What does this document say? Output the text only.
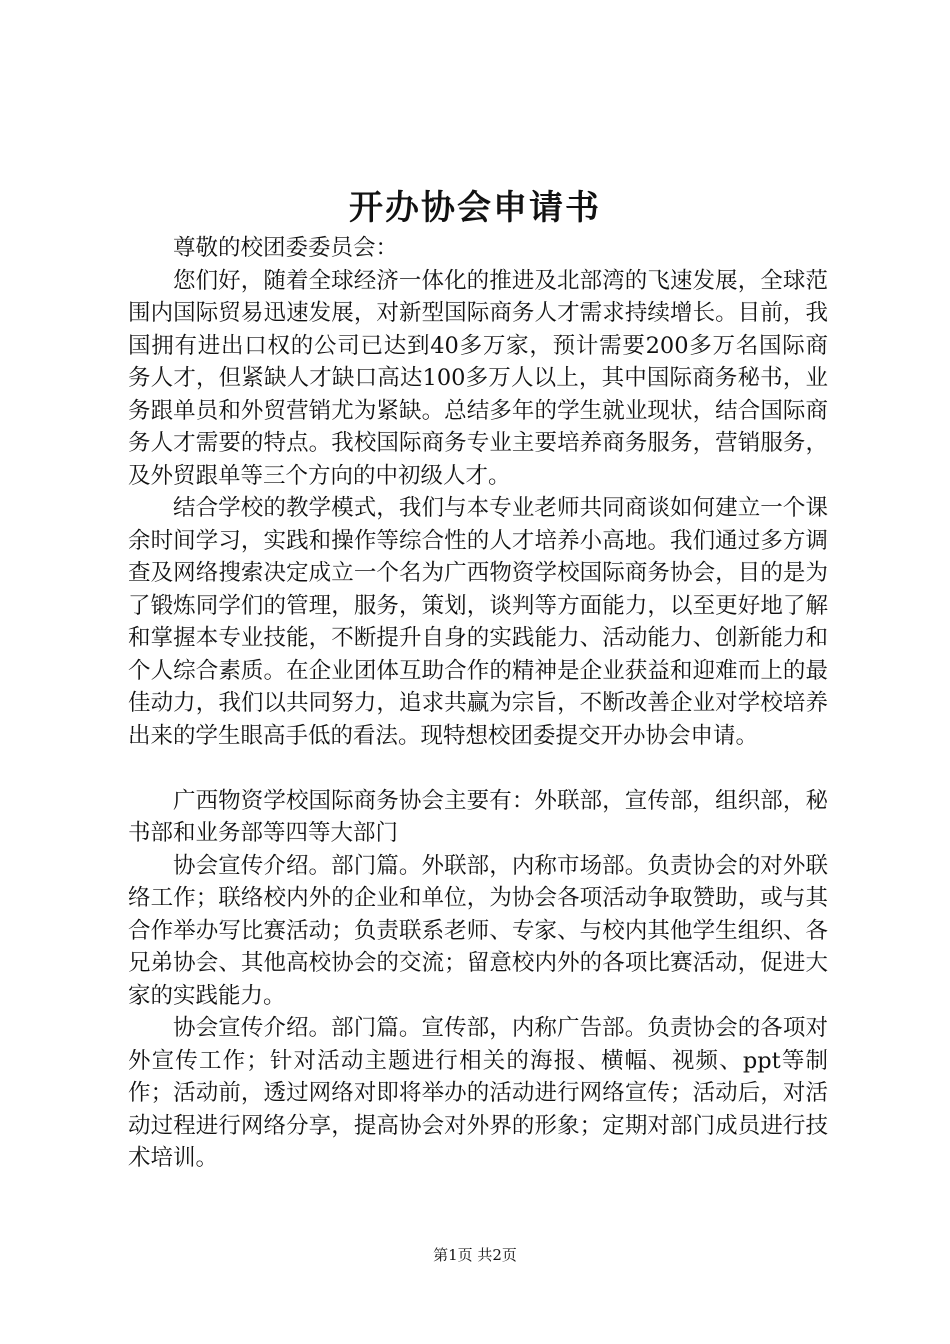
开办协会申请书

尊敬的校团委委员会：

您们好，随着全球经济一体化的推进及北部湾的飞速发展，全球范围内国际贸易迅速发展，对新型国际商务人才需求持续增长。目前，我国拥有进出口权的公司已达到40多万家，预计需要200多万名国际商务人才，但紧缺人才缺口高达100多万人以上，其中国际商务秘书，业务跟单员和外贸营销尤为紧缺。总结多年的学生就业现状，结合国际商务人才需要的特点。我校国际商务专业主要培养商务服务，营销服务，及外贸跟单等三个方向的中初级人才。

结合学校的教学模式，我们与本专业老师共同商谈如何建立一个课余时间学习，实践和操作等综合性的人才培养小高地。我们通过多方调查及网络搜索决定成立一个名为广西物资学校国际商务协会，目的是为了锻炼同学们的管理，服务，策划，谈判等方面能力，以至更好地了解和掌握本专业技能，不断提升自身的实践能力、活动能力、创新能力和个人综合素质。在企业团体互助合作的精神是企业获益和迎难而上的最佳动力，我们以共同努力，追求共赢为宗旨，不断改善企业对学校培养出来的学生眼高手低的看法。现特想校团委提交开办协会申请。

广西物资学校国际商务协会主要有：外联部，宣传部，组织部，秘书部和业务部等四等大部门

协会宣传介绍。部门篇。外联部，内称市场部。负责协会的对外联络工作；联络校内外的企业和单位，为协会各项活动争取赞助，或与其合作举办写比赛活动；负责联系老师、专家、与校内其他学生组织、各兄弟协会、其他高校协会的交流；留意校内外的各项比赛活动，促进大家的实践能力。

协会宣传介绍。部门篇。宣传部，内称广告部。负责协会的各项对外宣传工作；针对活动主题进行相关的海报、横幅、视频、ppt等制作；活动前，透过网络对即将举办的活动进行网络宣传；活动后，对活动过程进行网络分享，提高协会对外界的形象；定期对部门成员进行技术培训。

第1页 共2页
